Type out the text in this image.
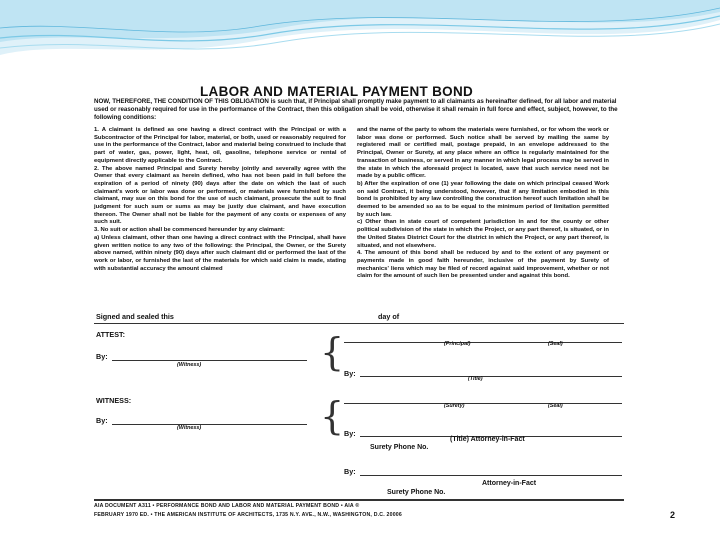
LABOR AND MATERIAL PAYMENT BOND
NOW, THEREFORE, THE CONDITION OF THIS OBLIGATION is such that, if Principal shall promptly make payment to all claimants as hereinafter defined, for all labor and material used or reasonably required for use in the performance of the Contract, then this obligation shall be void, otherwise it shall remain in full force and effect, subject, however, to the following conditions:

1. A claimant is defined as one having a direct contract with the Principal or with a Subcontractor of the Principal for labor, material, or both, used or reasonably required for use in the performance of the Contract, labor and material being construed to include that part of water, gas, power, light, heat, oil, gasoline, telephone service or rental of equipment directly applicable to the Contract.

2. The above named Principal and Surety hereby jointly and severally agree with the Owner that every claimant as herein defined, who has not been paid in full before the expiration of a period of ninety (90) days after the date on which the last of such claimant's work or labor was done or performed, or materials were furnished by such claimant, may sue on this bond for the use of such claimant, prosecute the suit to final judgment for such sum or sums as may be justly due claimant, and have execution thereon. The Owner shall not be liable for the payment of any costs or expenses of any such suit.

3. No suit or action shall be commenced hereunder by any claimant:

a) Unless claimant, other than one having a direct contract with the Principal, shall have given written notice to any two of the following: the Principal, the Owner, or the Surety above named, within ninety (90) days after such claimant did or performed the last of the work or labor, or furnished the last of the materials for which said claim is made, stating with substantial accuracy the amount claimed

and the name of the party to whom the materials were furnished, or for whom the work or labor was done or performed. Such notice shall be served by mailing the same by registered mail or certified mail, postage prepaid, in an envelope addressed to the Principal, Owner or Surety, at any place where an office is regularly maintained for the transaction of business, or served in any manner in which legal process may be served in the state in which the aforesaid project is located, save that such service need not be made by a public officer.

b) After the expiration of one (1) year following the date on which principal ceased Work on said Contract, it being understood, however, that if any limitation embodied in this bond is prohibited by any law controlling the construction hereof such limitation shall be deemed to be amended so as to be equal to the minimum period of limitation permitted by such law.

c) Other than in state court of competent jurisdiction in and for the county or other political subdivision of the state in which the Project, or any part thereof, is situated, or in the United States District Court for the district in which the Project, or any part thereof, is situated, and not elsewhere.

4. The amount of this bond shall be reduced by and to the extent of any payment or payments made in good faith hereunder, inclusive of the payment by Surety of mechanics' liens which may be filed of record against said improvement, whether or not claim for the amount of such lien be presented under and against this bond.

Signed and sealed this	day of
ATTEST:
(Principal)	(Seal)
By:
(Witness)	{ By:
(Title)
WITNESS:
(Surety)	(Seal)
By:
(Witness)	{ By:
(Title) Attorney-in-Fact
Surety Phone No.
By:
Attorney-in-Fact
Surety Phone No.
AIA DOCUMENT A311 • PERFORMANCE BOND AND LABOR AND MATERIAL PAYMENT BOND • AIA ®
FEBRUARY 1970 ED. • THE AMERICAN INSTITUTE OF ARCHITECTS, 1735 N.Y. AVE., N.W., WASHINGTON, D.C. 20006	2
